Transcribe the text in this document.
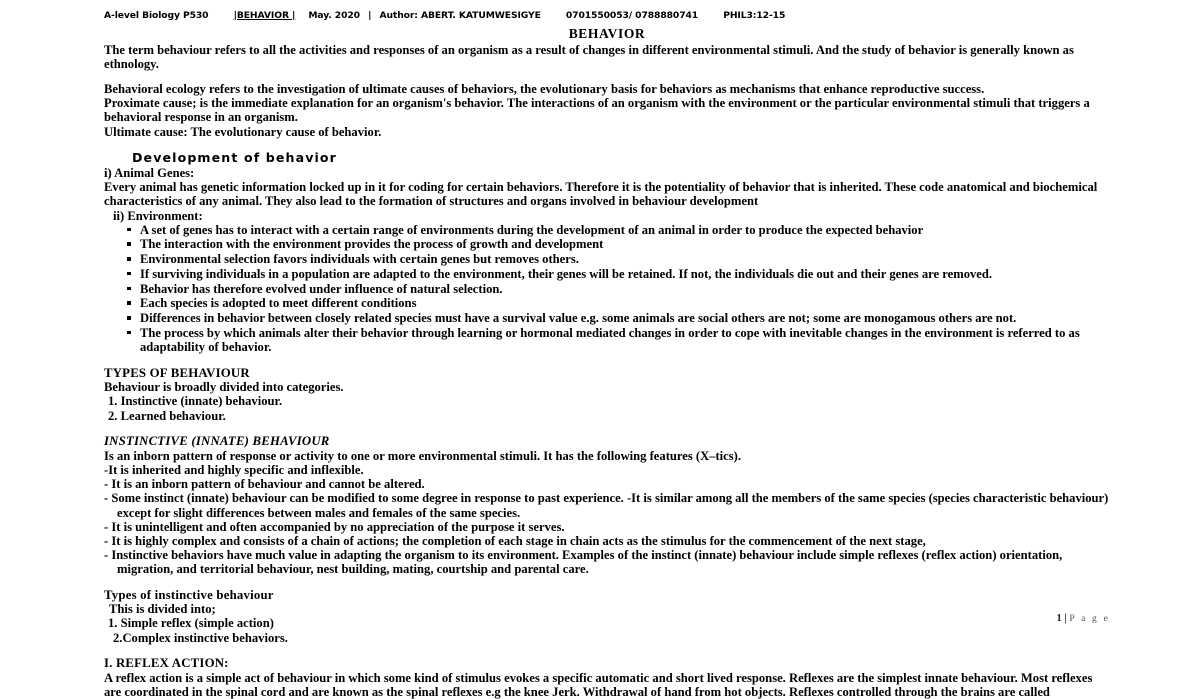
A-level Biology P530	|BEHAVIOR | May. 2020 | Author: ABERT. KATUMWESIGYE	0701550053/ 0788880741	PHIL3:12-15
BEHAVIOR

The term behaviour refers to all the activities and responses of an organism as a result of changes in different environmental stimuli. And the study of behavior is generally known as ethnology.

Behavioral ecology refers to the investigation of ultimate causes of behaviors, the evolutionary basis for behaviors as mechanisms that enhance reproductive success.

Proximate cause; is the immediate explanation for an organism's behavior. The interactions of an organism with the environment or the particular environmental stimuli that triggers a behavioral response in an organism.

Ultimate cause: The evolutionary cause of behavior.

Development of behavior
i) Animal Genes:

Every animal has genetic information locked up in it for coding for certain behaviors. Therefore it is the potentiality of behavior that is inherited. These code anatomical and biochemical characteristics of any animal. They also lead to the formation of structures and organs involved in behaviour development

ii) Environment:
A set of genes has to interact with a certain range of environments during the development of an animal in order to produce the expected behavior
The interaction with the environment provides the process of growth and development
Environmental selection favors individuals with certain genes but removes others.
If surviving individuals in a population are adapted to the environment, their genes will be retained. If not, the individuals die out and their genes are removed.
Behavior has therefore evolved under influence of natural selection.
Each species is adopted to meet different conditions
Differences in behavior between closely related species must have a survival value e.g. some animals are social others are not; some are monogamous others are not.
The process by which animals alter their behavior through learning or hormonal mediated changes in order to cope with inevitable changes in the environment is referred to as adaptability of behavior.
TYPES OF BEHAVIOUR

Behaviour is broadly divided into categories.

1. Instinctive (innate) behaviour.
2. Learned behaviour.
INSTINCTIVE (INNATE) BEHAVIOUR

Is an inborn pattern of response or activity to one or more environmental stimuli. It has the following features (X–tics).

-It is inherited and highly specific and inflexible.

- It is an inborn pattern of behaviour and cannot be altered.

- Some instinct (innate) behaviour can be modified to some degree in response to past experience. -It is similar among all the members of the same species (species characteristic behaviour) except for slight differences between males and females of the same species.

- It is unintelligent and often accompanied by no appreciation of the purpose it serves.

- It is highly complex and consists of a chain of actions; the completion of each stage in chain acts as the stimulus for the commencement of the next stage,

- Instinctive behaviors have much value in adapting the organism to its environment. Examples of the instinct (innate) behaviour include simple reflexes (reflex action) orientation, migration, and territorial behaviour, nest building, mating, courtship and parental care.

Types of instinctive behaviour

This is divided into;

1. Simple reflex (simple action)
2.Complex instinctive behaviors.
I. REFLEX ACTION:

A reflex action is a simple act of behaviour in which some kind of stimulus evokes a specific automatic and short lived response. Reflexes are the simplest innate behaviour. Most reflexes are coordinated in the spinal cord and are known as the spinal reflexes e.g the knee Jerk. Withdrawal of hand from hot objects. Reflexes controlled through the brains are called

1 | P a g e
